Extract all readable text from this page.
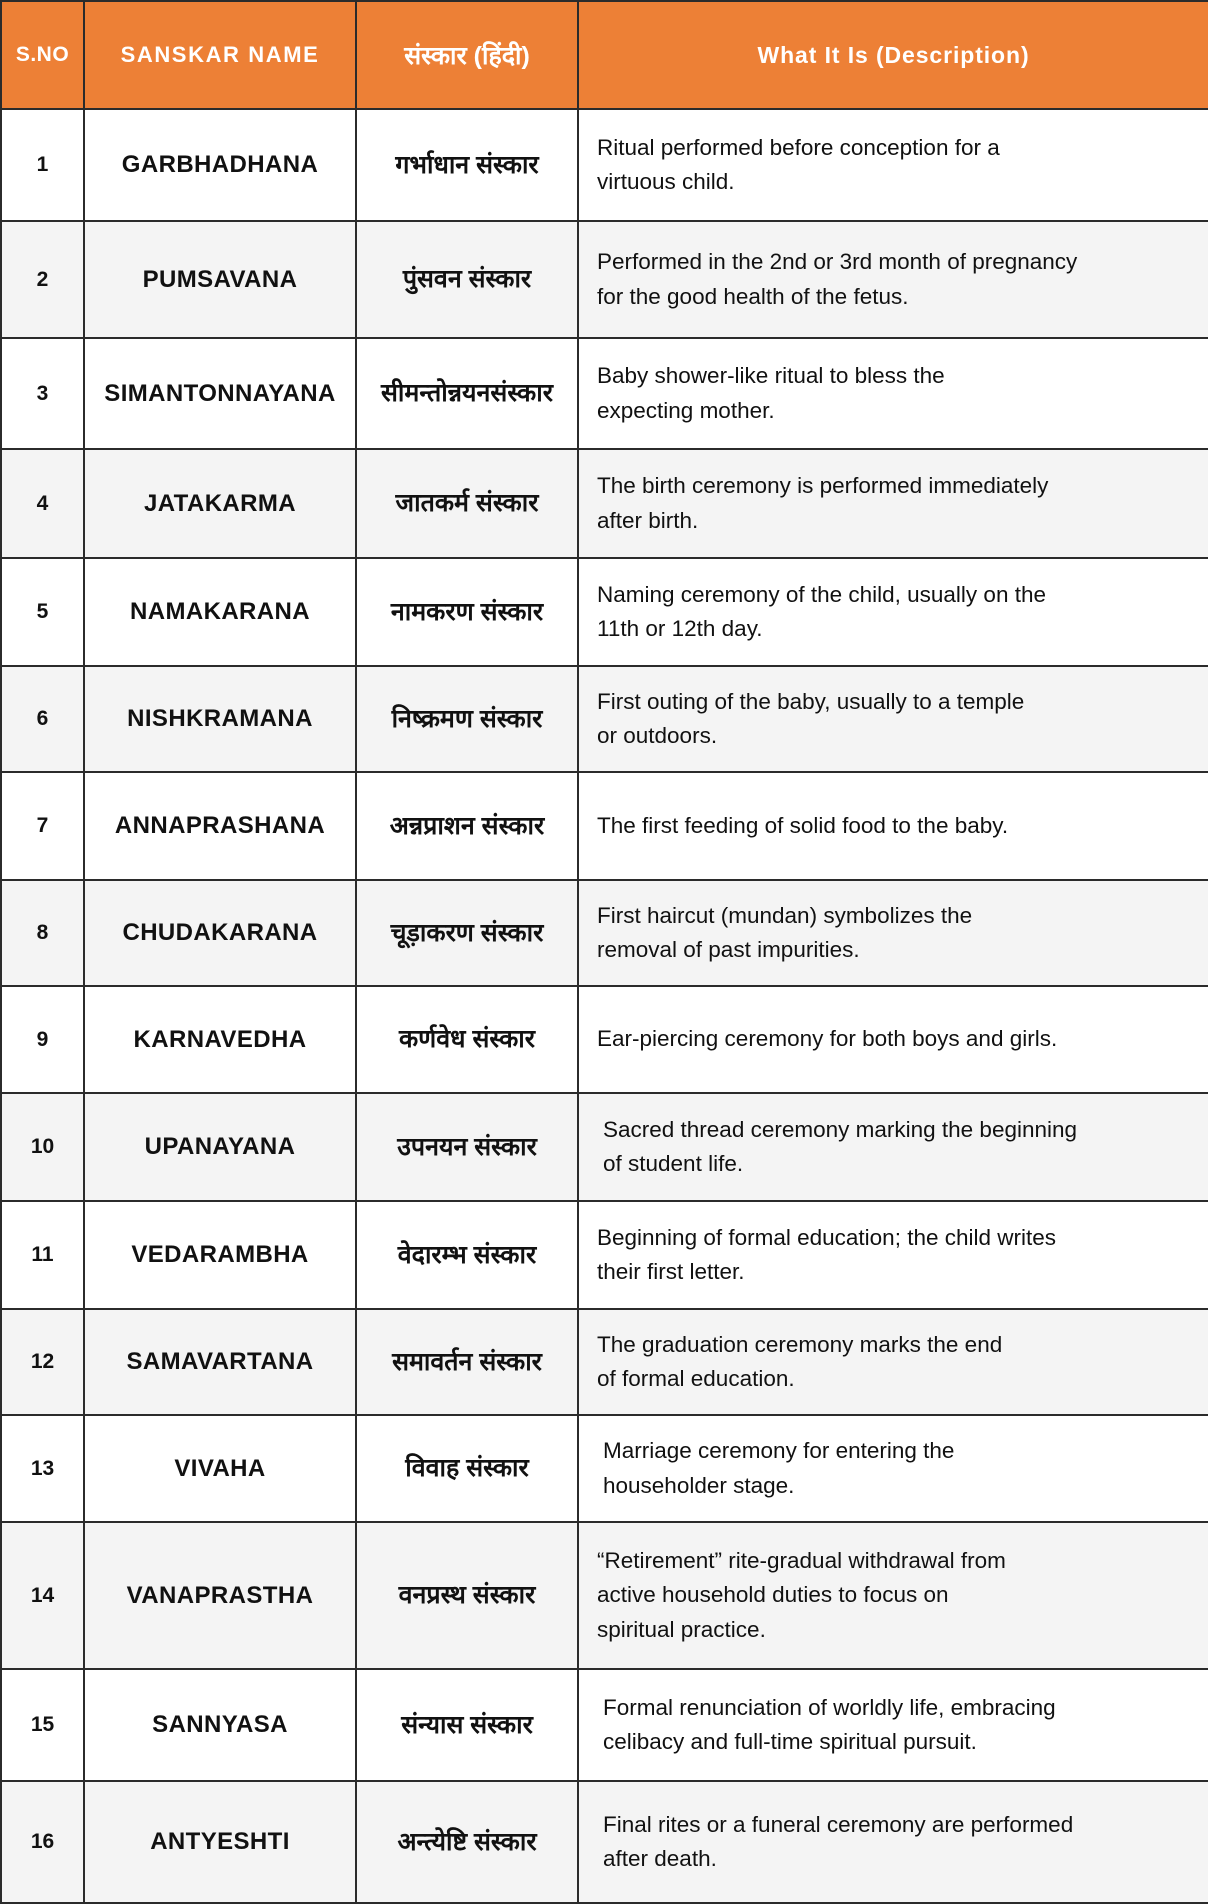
S.NO	SANSKAR NAME	संस्कार (हिंदी)	What It Is (Description)

1	GARBHADHANA	गर्भाधान संस्कार	Ritual performed before conception for a
virtuous child.

2	PUMSAVANA	पुंसवन संस्कार	Performed in the 2nd or 3rd month of pregnancy
for the good health of the fetus.

3	SIMANTONNAYANA	सीमन्तोन्नयनसंस्कार	Baby shower-like ritual to bless the
expecting mother.

4	JATAKARMA	जातकर्म संस्कार	The birth ceremony is performed immediately
after birth.

5	NAMAKARANA	नामकरण संस्कार	Naming ceremony of the child, usually on the
11th or 12th day.

6	NISHKRAMANA	निष्क्रमण संस्कार	First outing of the baby, usually to a temple
or outdoors.

7	ANNAPRASHANA	अन्नप्राशन संस्कार	The first feeding of solid food to the baby.

8	CHUDAKARANA	चूड़ाकरण संस्कार	First haircut (mundan) symbolizes the
removal of past impurities.

9	KARNAVEDHA	कर्णवेध संस्कार	Ear-piercing ceremony for both boys and girls.

10	UPANAYANA	उपनयन संस्कार	Sacred thread ceremony marking the beginning
of student life.

11	VEDARAMBHA	वेदारम्भ संस्कार	Beginning of formal education; the child writes
their first letter.

12	SAMAVARTANA	समावर्तन संस्कार	The graduation ceremony marks the end
of formal education.

13	VIVAHA	विवाह संस्कार	Marriage ceremony for entering the
householder stage.

14	VANAPRASTHA	वनप्रस्थ संस्कार	“Retirement” rite-gradual withdrawal from
active household duties to focus on
spiritual practice.

15	SANNYASA	संन्यास संस्कार	Formal renunciation of worldly life, embracing
celibacy and full-time spiritual pursuit.

16	ANTYESHTI	अन्त्येष्टि संस्कार	Final rites or a funeral ceremony are performed
after death.
